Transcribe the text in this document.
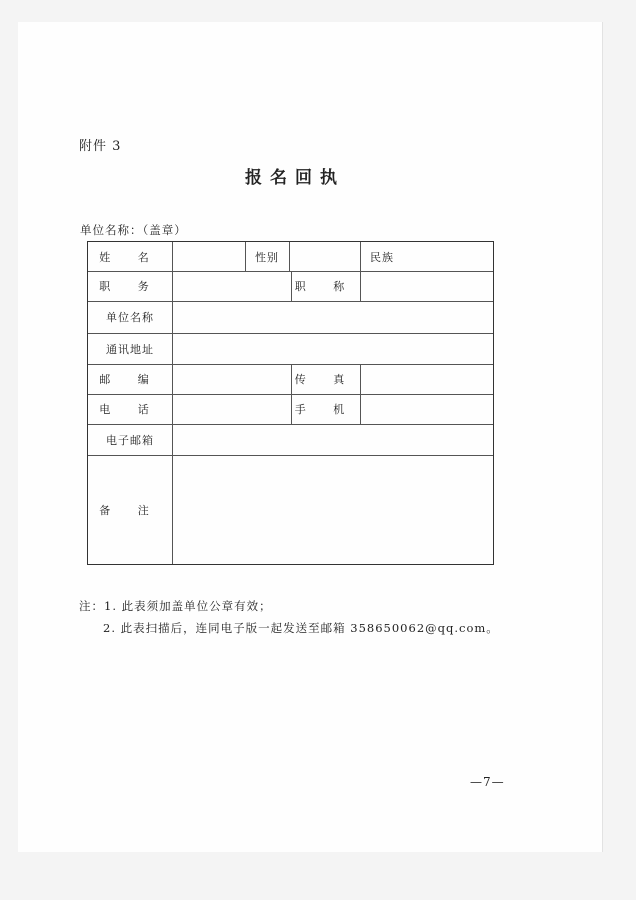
附件 3
报名回执
单位名称：（盖章）
姓 名	性别	民族
职 务	职 称
单位名称
通讯地址
邮 编	传 真
电 话	手 机
电子邮箱
备 注
注：1. 此表须加盖单位公章有效；
2. 此表扫描后，连同电子版一起发送至邮箱 358650062@qq.com。
—7—
